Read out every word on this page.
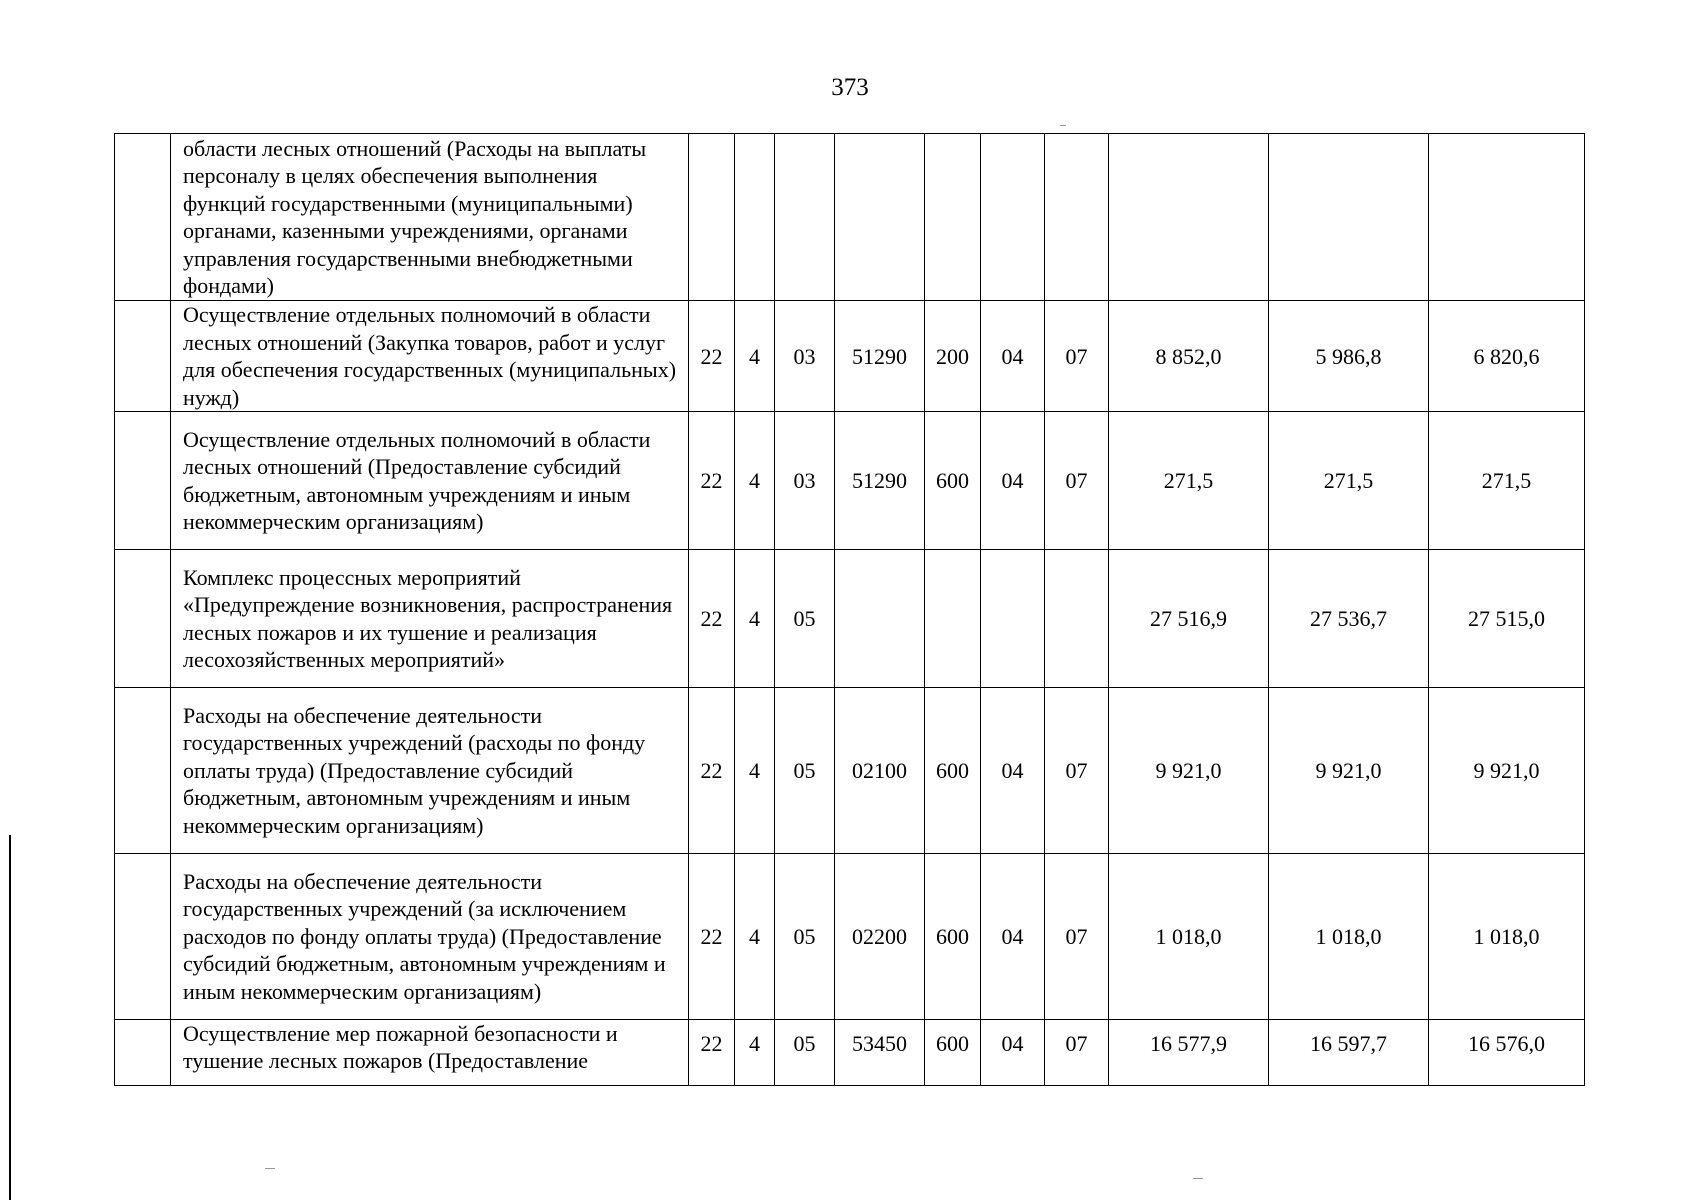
373
	области лесных отношений (Расходы на выплаты персоналу в целях обеспечения выполнения функций государственными (муниципальными) органами, казенными учреждениями, органами управления государственными внебюджетными фондами)										
	Осуществление отдельных полномочий в области лесных отношений (Закупка товаров, работ и услуг для обеспечения государственных (муниципальных) нужд)	22	4	03	51290	200	04	07	8 852,0	5 986,8	6 820,6
	Осуществление отдельных полномочий в области лесных отношений (Предоставление субсидий бюджетным, автономным учреждениям и иным некоммерческим организациям)	22	4	03	51290	600	04	07	271,5	271,5	271,5
	Комплекс процессных мероприятий «Предупреждение возникновения, распространения лесных пожаров и их тушение и реализация лесохозяйственных мероприятий»	22	4	05					27 516,9	27 536,7	27 515,0
	Расходы на обеспечение деятельности государственных учреждений (расходы по фонду оплаты труда) (Предоставление субсидий бюджетным, автономным учреждениям и иным некоммерческим организациям)	22	4	05	02100	600	04	07	9 921,0	9 921,0	9 921,0
	Расходы на обеспечение деятельности государственных учреждений (за исключением расходов по фонду оплаты труда) (Предоставление субсидий бюджетным, автономным учреждениям и иным некоммерческим организациям)	22	4	05	02200	600	04	07	1 018,0	1 018,0	1 018,0
	Осуществление мер пожарной безопасности и тушение лесных пожаров (Предоставление	22	4	05	53450	600	04	07	16 577,9	16 597,7	16 576,0
